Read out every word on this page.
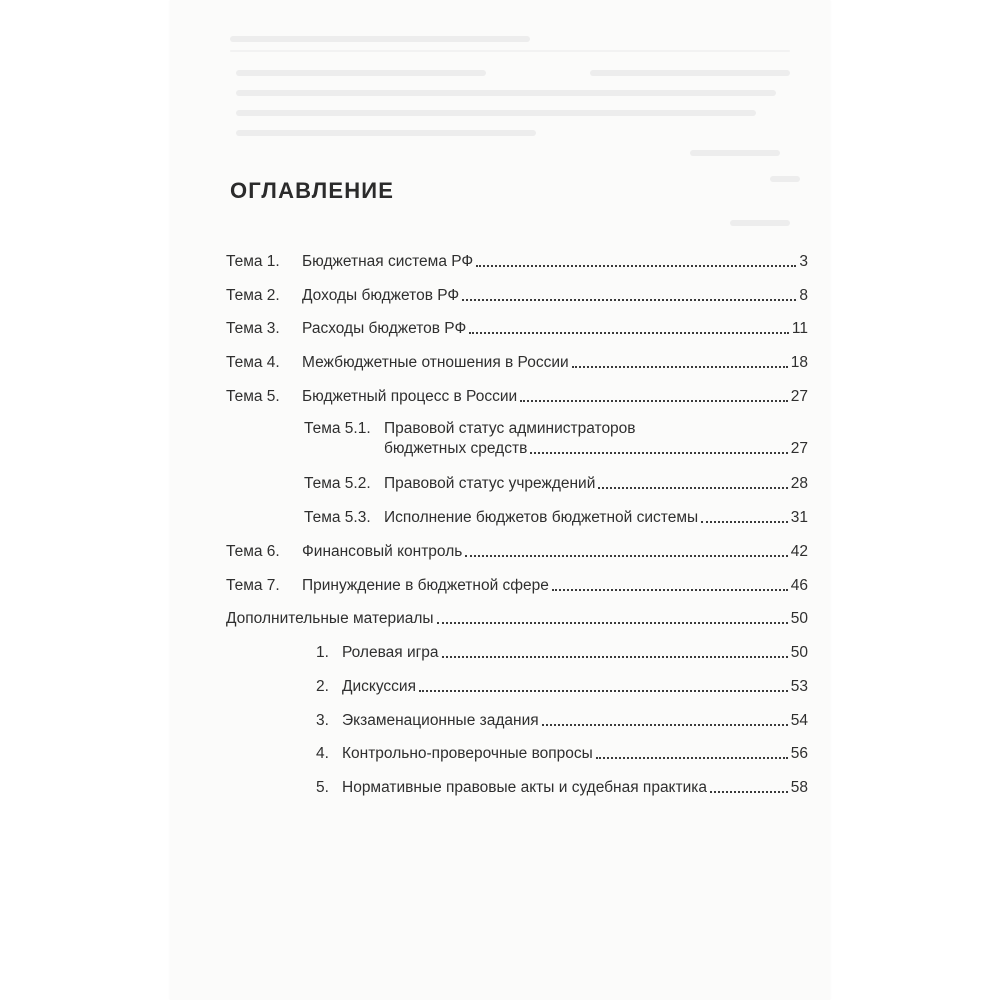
ОГЛАВЛЕНИЕ
Тема 1.	Бюджетная система РФ	3
Тема 2.	Доходы бюджетов РФ	8
Тема 3.	Расходы бюджетов РФ	11
Тема 4.	Межбюджетные отношения в России	18
Тема 5.	Бюджетный процесс в России	27
Тема 5.1. Правовой статус администраторов
бюджетных средств	27
Тема 5.2. Правовой статус учреждений	28
Тема 5.3. Исполнение бюджетов бюджетной системы	31
Тема 6.	Финансовый контроль	42
Тема 7.	Принуждение в бюджетной сфере	46
Дополнительные материалы	50
1. Ролевая игра	50
2. Дискуссия	53
3. Экзаменационные задания	54
4. Контрольно-проверочные вопросы	56
5. Нормативные правовые акты и судебная практика	58
